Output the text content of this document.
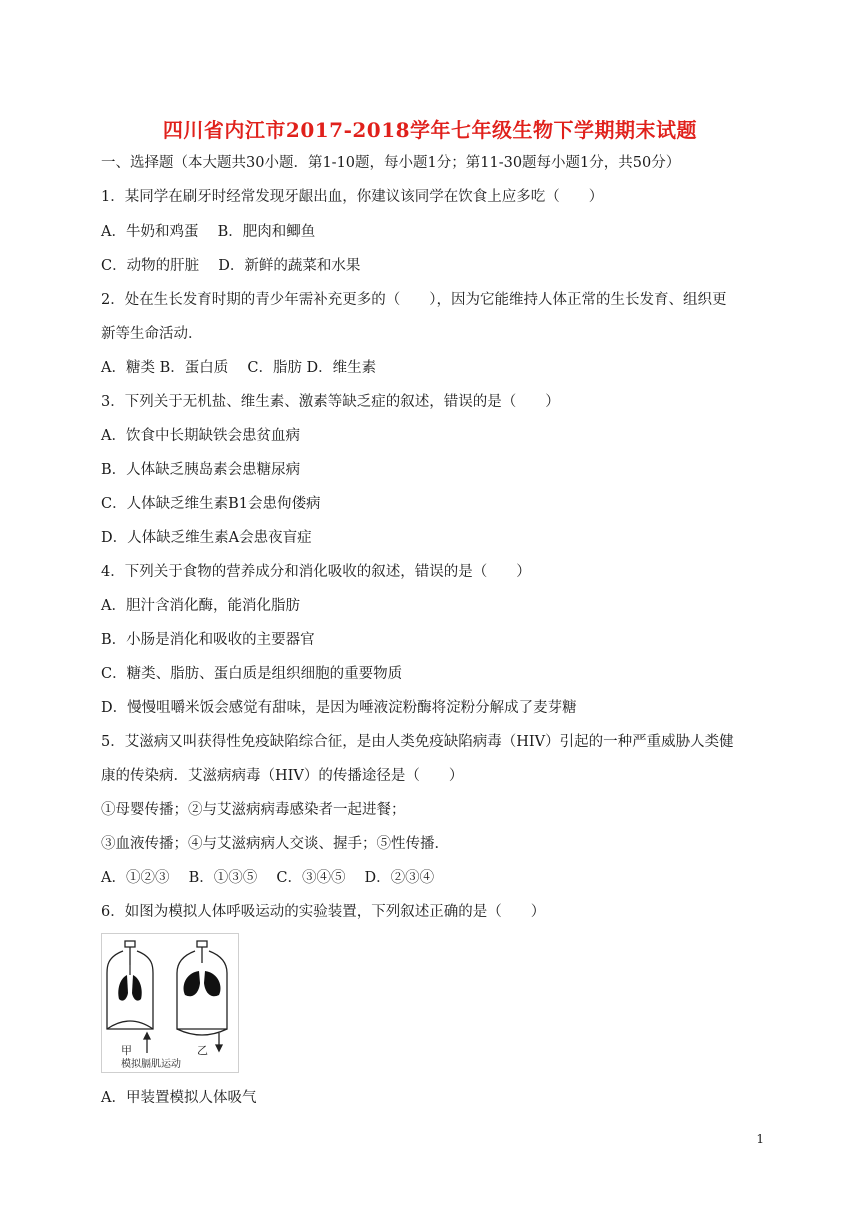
四川省内江市2017-2018学年七年级生物下学期期末试题
一、选择题（本大题共30小题．第1-10题，每小题1分；第11-30题每小题1分，共50分）
1．某同学在刷牙时经常发现牙龈出血，你建议该同学在饮食上应多吃（　　）
A．牛奶和鸡蛋　 B．肥肉和鲫鱼
C．动物的肝脏　 D．新鲜的蔬菜和水果
2．处在生长发育时期的青少年需补充更多的（　　），因为它能维持人体正常的生长发育、组织更
新等生命活动．
A．糖类 B．蛋白质　 C．脂肪 D．维生素
3．下列关于无机盐、维生素、激素等缺乏症的叙述，错误的是（　　）
A．饮食中长期缺铁会患贫血病
B．人体缺乏胰岛素会患糖尿病
C．人体缺乏维生素B1会患佝偻病
D．人体缺乏维生素A会患夜盲症
4．下列关于食物的营养成分和消化吸收的叙述，错误的是（　　）
A．胆汁含消化酶，能消化脂肪
B．小肠是消化和吸收的主要器官
C．糖类、脂肪、蛋白质是组织细胞的重要物质
D．慢慢咀嚼米饭会感觉有甜味，是因为唾液淀粉酶将淀粉分解成了麦芽糖
5．艾滋病又叫获得性免疫缺陷综合征，是由人类免疫缺陷病毒（HIV）引起的一种严重威胁人类健
康的传染病．艾滋病病毒（HIV）的传播途径是（　　）
①母婴传播；②与艾滋病病毒感染者一起进餐；
③血液传播；④与艾滋病病人交谈、握手；⑤性传播．
A．①②③　 B．①③⑤　 C．③④⑤　 D．②③④
6．如图为模拟人体呼吸运动的实验装置，下列叙述正确的是（　　）
A．甲装置模拟人体吸气
甲	乙
模拟膈肌运动
1
